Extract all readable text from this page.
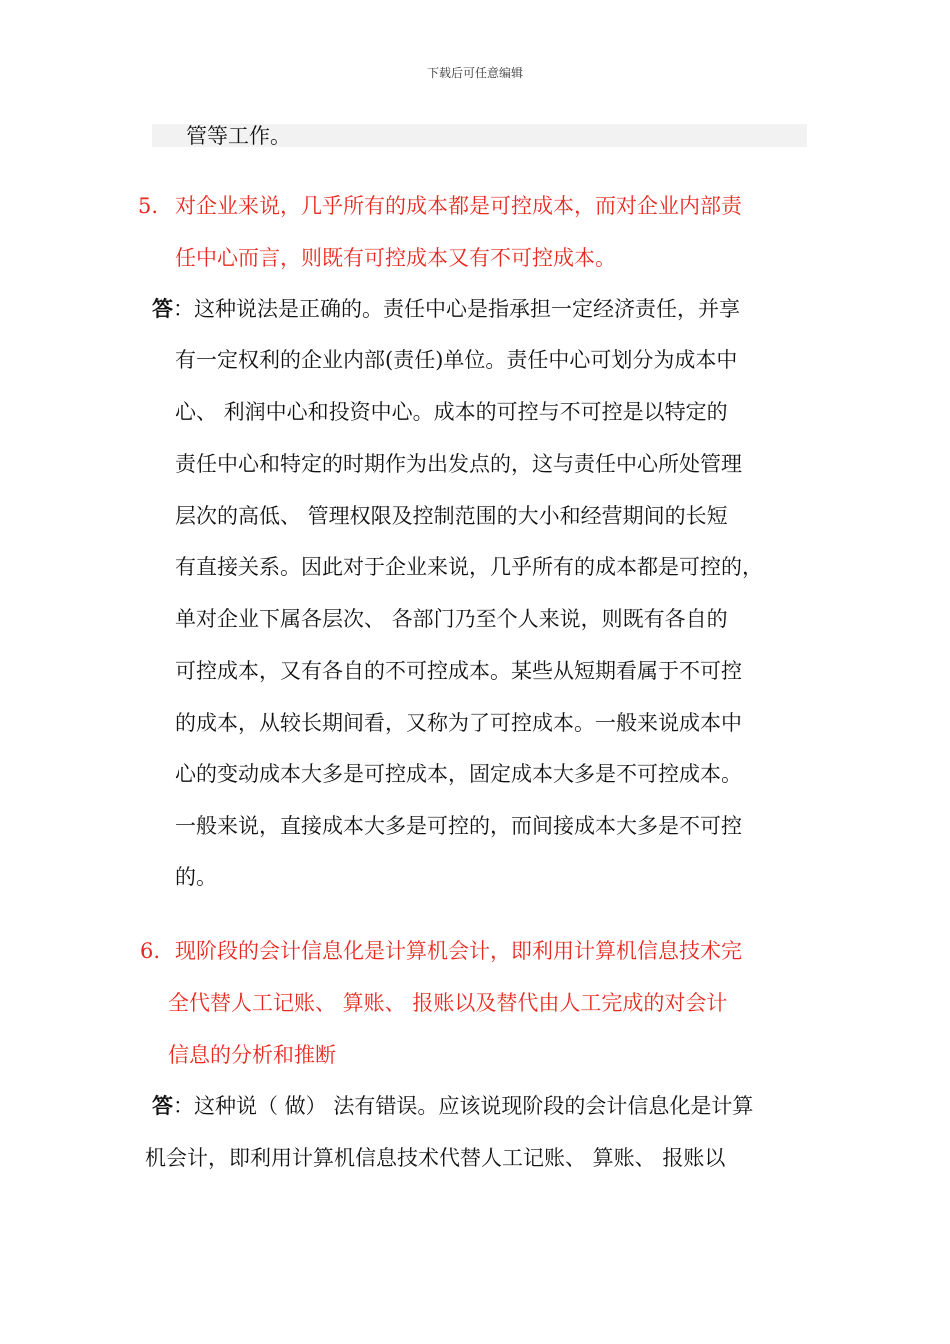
下载后可任意编辑
管等工作。
5. 对企业来说，几乎所有的成本都是可控成本，而对企业内部责
任中心而言，则既有可控成本又有不可控成本。
答：这种说法是正确的。责任中心是指承担一定经济责任，并享
有一定权利的企业内部(责任)单位。责任中心可划分为成本中
心、 利润中心和投资中心。成本的可控与不可控是以特定的
责任中心和特定的时期作为出发点的，这与责任中心所处管理
层次的高低、 管理权限及控制范围的大小和经营期间的长短
有直接关系。因此对于企业来说，几乎所有的成本都是可控的，
单对企业下属各层次、 各部门乃至个人来说，则既有各自的
可控成本，又有各自的不可控成本。某些从短期看属于不可控
的成本，从较长期间看，又称为了可控成本。一般来说成本中
心的变动成本大多是可控成本，固定成本大多是不可控成本。
一般来说，直接成本大多是可控的，而间接成本大多是不可控
的。
6. 现阶段的会计信息化是计算机会计，即利用计算机信息技术完
全代替人工记账、 算账、 报账以及替代由人工完成的对会计
信息的分析和推断
答：这种说（ 做） 法有错误。应该说现阶段的会计信息化是计算
机会计，即利用计算机信息技术代替人工记账、 算账、 报账以
